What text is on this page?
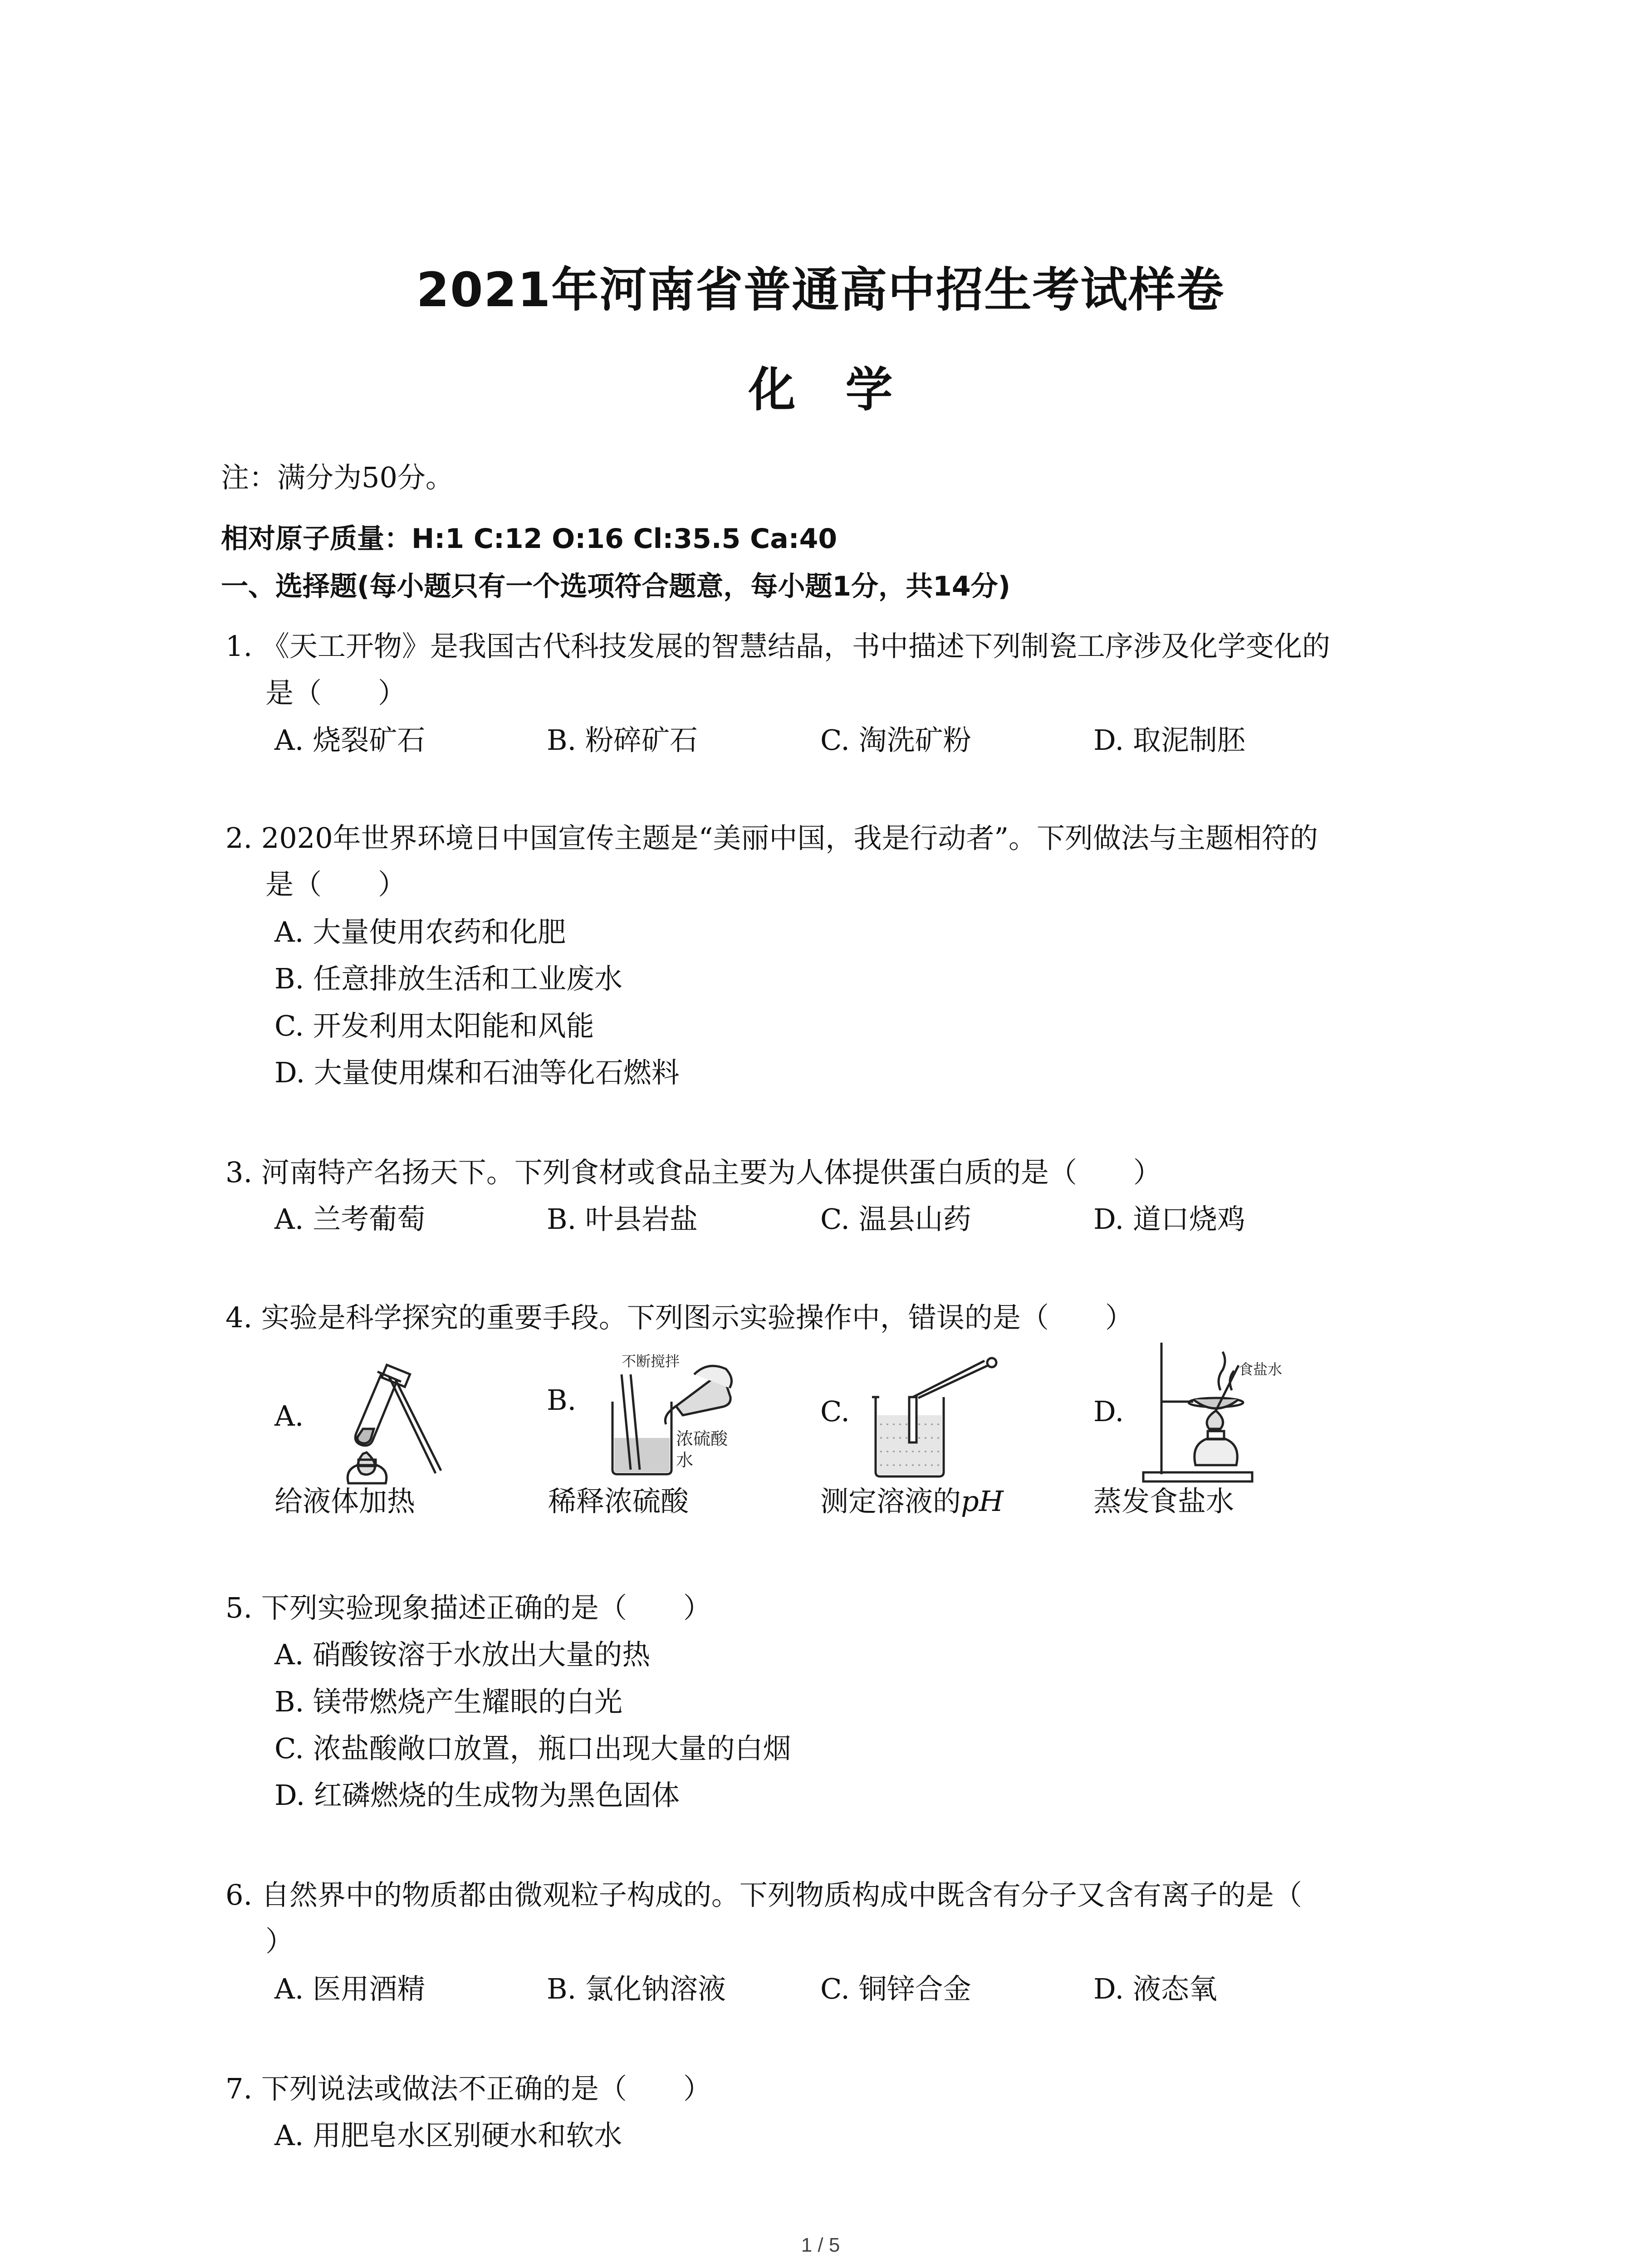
2021年河南省普通高中招生考试样卷
化学
注：满分为50分。
相对原子质量：H:1 C:12 O:16 Cl:35.5 Ca:40
一、选择题(每小题只有一个选项符合题意，每小题1分，共14分)
1. 《天工开物》是我国古代科技发展的智慧结晶，书中描述下列制瓷工序涉及化学变化的
是（　　）
A. 烧裂矿石	B. 粉碎矿石	C. 淘洗矿粉	D. 取泥制胚
2. 2020年世界环境日中国宣传主题是“美丽中国，我是行动者”。下列做法与主题相符的
是（　　）
A. 大量使用农药和化肥
B. 任意排放生活和工业废水
C. 开发利用太阳能和风能
D. 大量使用煤和石油等化石燃料
3. 河南特产名扬天下。下列食材或食品主要为人体提供蛋白质的是（　　）
A. 兰考葡萄	B. 叶县岩盐	C. 温县山药	D. 道口烧鸡
4. 实验是科学探究的重要手段。下列图示实验操作中，错误的是（　　）
A.
给液体加热
B.
不断搅拌
浓硫酸
水
稀释浓硫酸
C.
测定溶液的pH
D.
食盐水
蒸发食盐水
5. 下列实验现象描述正确的是（　　）
A. 硝酸铵溶于水放出大量的热
B. 镁带燃烧产生耀眼的白光
C. 浓盐酸敞口放置，瓶口出现大量的白烟
D. 红磷燃烧的生成物为黑色固体
6. 自然界中的物质都由微观粒子构成的。下列物质构成中既含有分子又含有离子的是（
）
A. 医用酒精	B. 氯化钠溶液	C. 铜锌合金	D. 液态氧
7. 下列说法或做法不正确的是（　　）
A. 用肥皂水区别硬水和软水
1 / 5
